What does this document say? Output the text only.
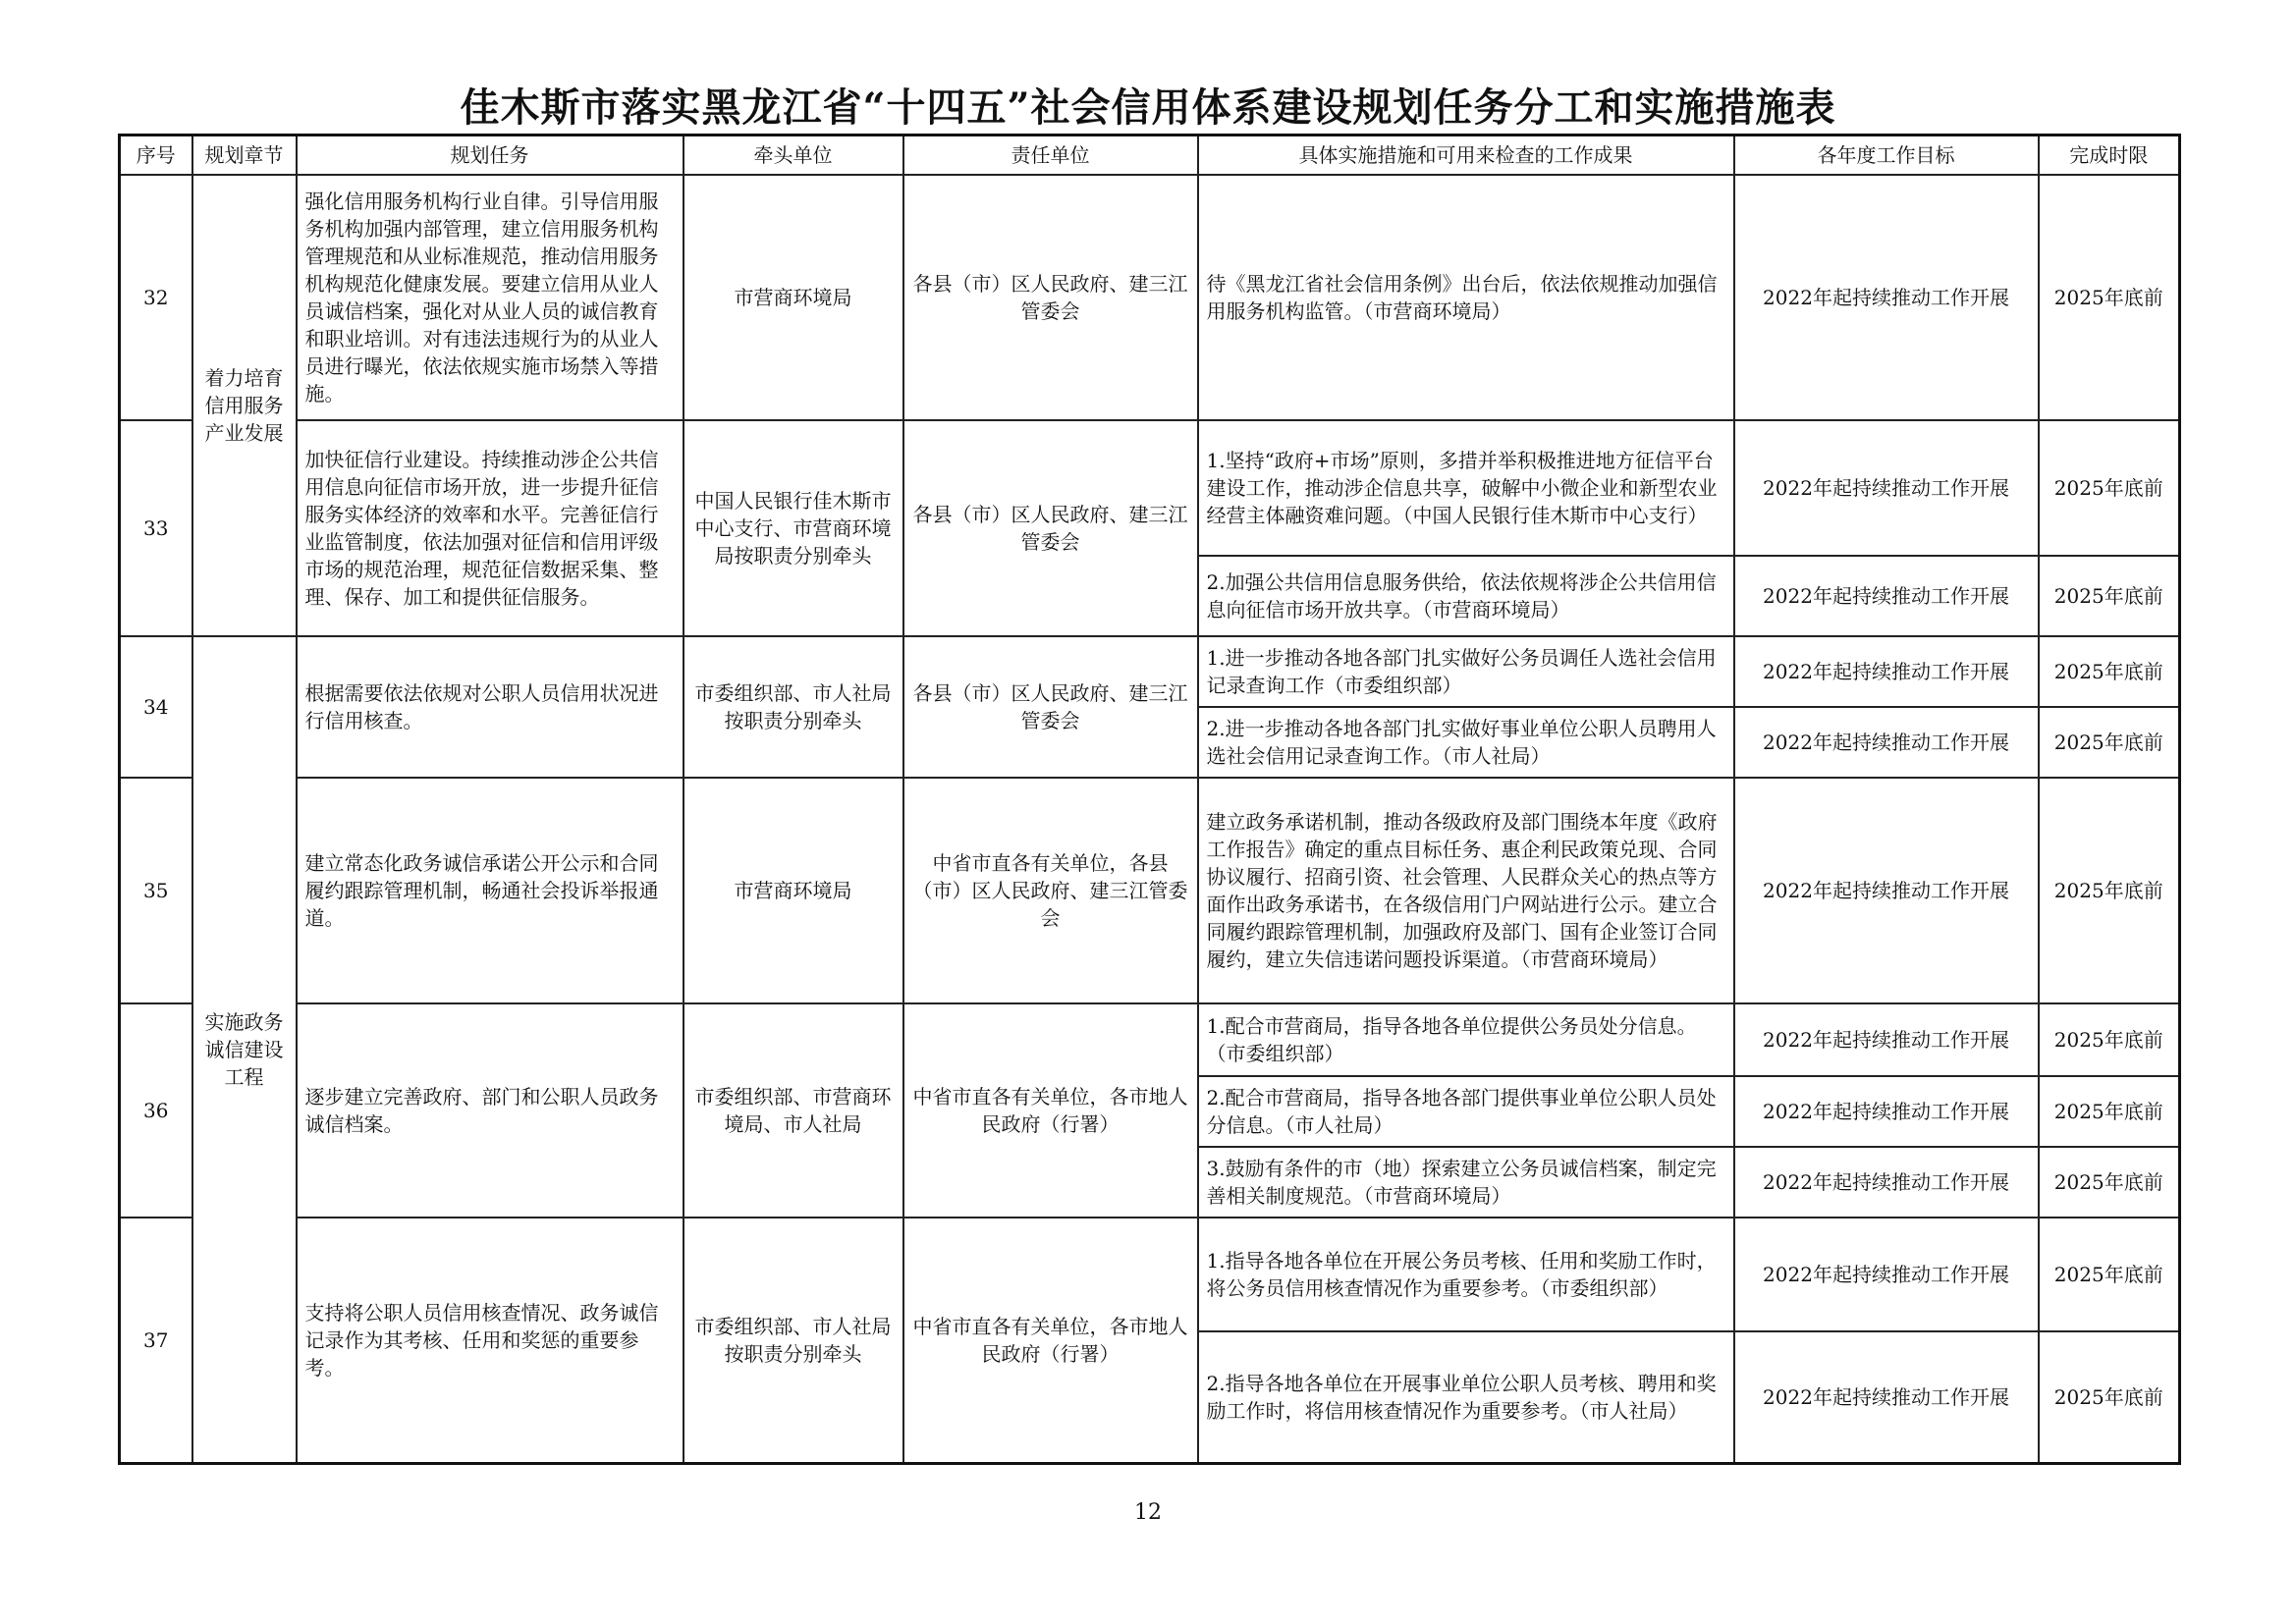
佳木斯市落实黑龙江省“十四五”社会信用体系建设规划任务分工和实施措施表
序号	规划章节	规划任务	牵头单位	责任单位	具体实施措施和可用来检查的工作成果	各年度工作目标	完成时限
32	着力培育信用服务产业发展	强化信用服务机构行业自律。引导信用服务机构加强内部管理，建立信用服务机构管理规范和从业标准规范，推动信用服务机构规范化健康发展。要建立信用从业人员诚信档案，强化对从业人员的诚信教育和职业培训。对有违法违规行为的从业人员进行曝光，依法依规实施市场禁入等措施。	市营商环境局	各县（市）区人民政府、建三江管委会	待《黑龙江省社会信用条例》出台后，依法依规推动加强信用服务机构监管。（市营商环境局）	2022年起持续推动工作开展	2025年底前
33		加快征信行业建设。持续推动涉企公共信用信息向征信市场开放，进一步提升征信服务实体经济的效率和水平。完善征信行业监管制度，依法加强对征信和信用评级市场的规范治理，规范征信数据采集、整理、保存、加工和提供征信服务。	中国人民银行佳木斯市中心支行、市营商环境局按职责分别牵头	各县（市）区人民政府、建三江管委会	1.坚持“政府+市场”原则，多措并举积极推进地方征信平台建设工作，推动涉企信息共享，破解中小微企业和新型农业经营主体融资难问题。（中国人民银行佳木斯市中心支行）	2022年起持续推动工作开展	2025年底前
					2.加强公共信用信息服务供给，依法依规将涉企公共信用信息向征信市场开放共享。（市营商环境局）	2022年起持续推动工作开展	2025年底前
34	实施政务诚信建设工程	根据需要依法依规对公职人员信用状况进行信用核查。	市委组织部、市人社局按职责分别牵头	各县（市）区人民政府、建三江管委会	1.进一步推动各地各部门扎实做好公务员调任人选社会信用记录查询工作（市委组织部）	2022年起持续推动工作开展	2025年底前
					2.进一步推动各地各部门扎实做好事业单位公职人员聘用人选社会信用记录查询工作。（市人社局）	2022年起持续推动工作开展	2025年底前
35		建立常态化政务诚信承诺公开公示和合同履约跟踪管理机制，畅通社会投诉举报通道。	市营商环境局	中省市直各有关单位，各县（市）区人民政府、建三江管委会	建立政务承诺机制，推动各级政府及部门围绕本年度《政府工作报告》确定的重点目标任务、惠企利民政策兑现、合同协议履行、招商引资、社会管理、人民群众关心的热点等方面作出政务承诺书，在各级信用门户网站进行公示。建立合同履约跟踪管理机制，加强政府及部门、国有企业签订合同履约，建立失信违诺问题投诉渠道。（市营商环境局）	2022年起持续推动工作开展	2025年底前
36		逐步建立完善政府、部门和公职人员政务诚信档案。	市委组织部、市营商环境局、市人社局	中省市直各有关单位，各市地人民政府（行署）	1.配合市营商局，指导各地各单位提供公务员处分信息。（市委组织部）	2022年起持续推动工作开展	2025年底前
					2.配合市营商局，指导各地各部门提供事业单位公职人员处分信息。（市人社局）	2022年起持续推动工作开展	2025年底前
					3.鼓励有条件的市（地）探索建立公务员诚信档案，制定完善相关制度规范。（市营商环境局）	2022年起持续推动工作开展	2025年底前
37		支持将公职人员信用核查情况、政务诚信记录作为其考核、任用和奖惩的重要参考。	市委组织部、市人社局按职责分别牵头	中省市直各有关单位，各市地人民政府（行署）	1.指导各地各单位在开展公务员考核、任用和奖励工作时，将公务员信用核查情况作为重要参考。（市委组织部）	2022年起持续推动工作开展	2025年底前
					2.指导各地各单位在开展事业单位公职人员考核、聘用和奖励工作时，将信用核查情况作为重要参考。（市人社局）	2022年起持续推动工作开展	2025年底前
12
